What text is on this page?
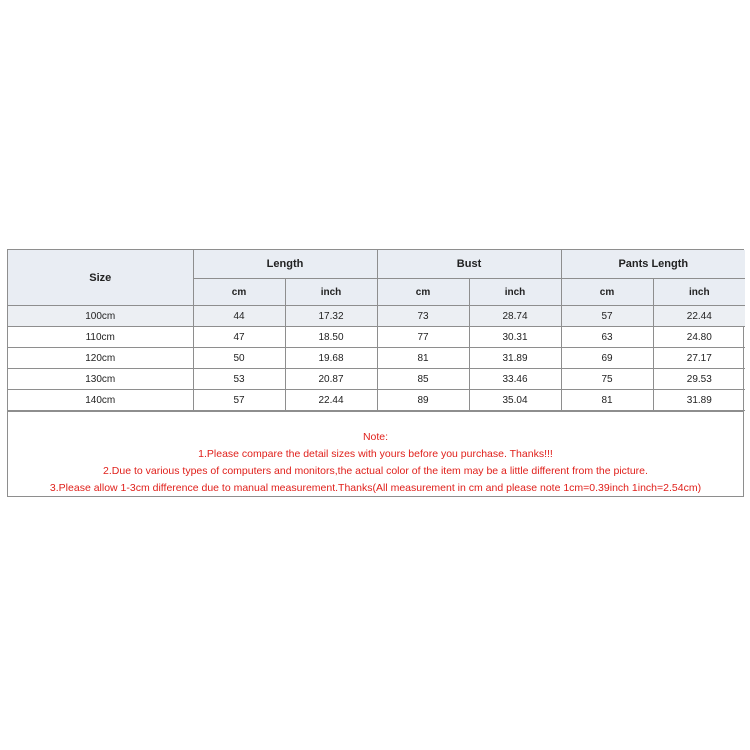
Size	Length		Bust		Pants Length	
	cm	inch	cm	inch	cm	inch
100cm	44	17.32	73	28.74	57	22.44
110cm	47	18.50	77	30.31	63	24.80
120cm	50	19.68	81	31.89	69	27.17
130cm	53	20.87	85	33.46	75	29.53
140cm	57	22.44	89	35.04	81	31.89
Note:
1.Please compare the detail sizes with yours before you purchase. Thanks!!!
2.Due to various types of computers and monitors,the actual color of the item may be a little different from the picture.
3.Please allow 1-3cm difference due to manual measurement.Thanks(All measurement in cm and please note 1cm=0.39inch 1inch=2.54cm)
